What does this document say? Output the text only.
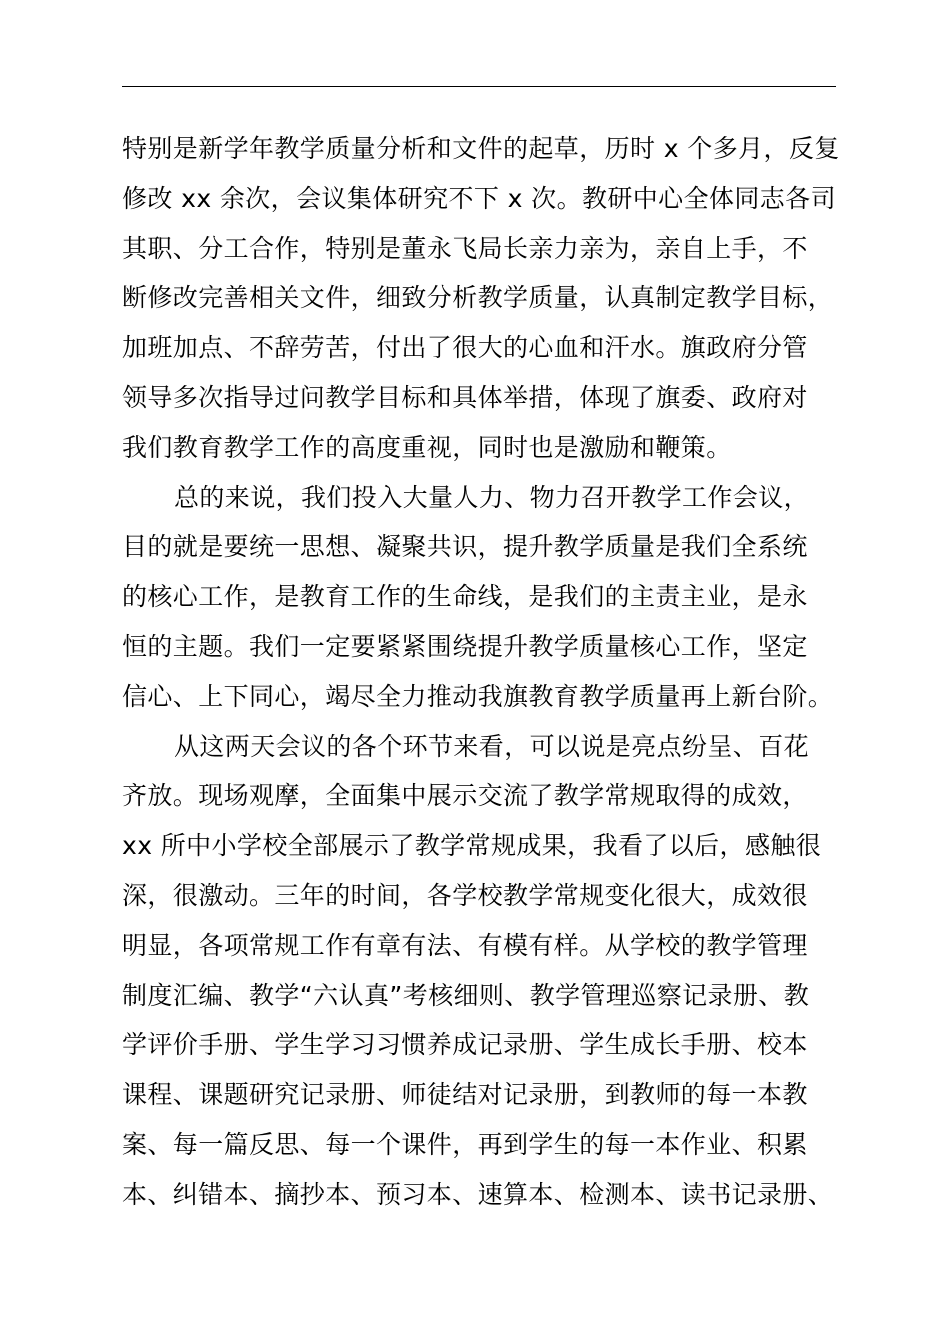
特别是新学年教学质量分析和文件的起草，历时 x 个多月，反复
修改 xx 余次，会议集体研究不下 x 次。教研中心全体同志各司
其职、分工合作，特别是董永飞局长亲力亲为，亲自上手，不
断修改完善相关文件，细致分析教学质量，认真制定教学目标，
加班加点、不辞劳苦，付出了很大的心血和汗水。旗政府分管
领导多次指导过问教学目标和具体举措，体现了旗委、政府对
我们教育教学工作的高度重视，同时也是激励和鞭策。
总的来说，我们投入大量人力、物力召开教学工作会议，
目的就是要统一思想、凝聚共识，提升教学质量是我们全系统
的核心工作，是教育工作的生命线，是我们的主责主业，是永
恒的主题。我们一定要紧紧围绕提升教学质量核心工作，坚定
信心、上下同心，竭尽全力推动我旗教育教学质量再上新台阶。
从这两天会议的各个环节来看，可以说是亮点纷呈、百花
齐放。现场观摩，全面集中展示交流了教学常规取得的成效，
xx 所中小学校全部展示了教学常规成果，我看了以后，感触很
深，很激动。三年的时间，各学校教学常规变化很大，成效很
明显，各项常规工作有章有法、有模有样。从学校的教学管理
制度汇编、教学“六认真”考核细则、教学管理巡察记录册、教
学评价手册、学生学习习惯养成记录册、学生成长手册、校本
课程、课题研究记录册、师徒结对记录册，到教师的每一本教
案、每一篇反思、每一个课件，再到学生的每一本作业、积累
本、纠错本、摘抄本、预习本、速算本、检测本、读书记录册、
